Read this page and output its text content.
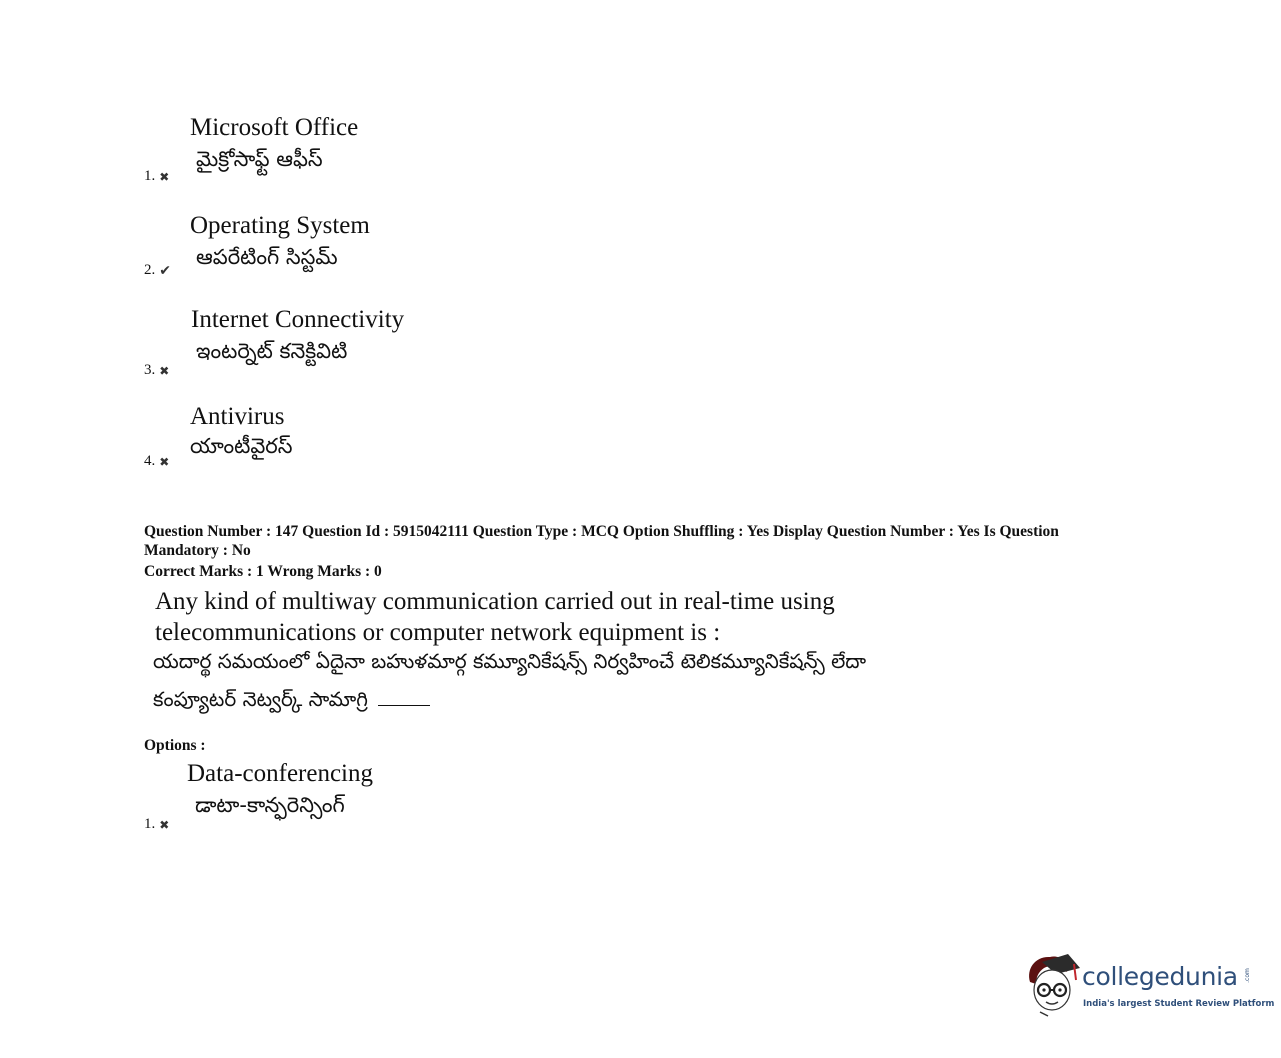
Microsoft Office
మైక్రోసాఫ్ట్ ఆఫీస్
1. ✖
Operating System
ఆపరేటింగ్ సిస్టమ్
2. ✔
Internet Connectivity
ఇంటర్నెట్ కనెక్టివిటి
3. ✖
Antivirus
యాంటీవైరస్
4. ✖
Question Number : 147 Question Id : 5915042111 Question Type : MCQ Option Shuffling : Yes Display Question Number : Yes Is Question Mandatory : No
Correct Marks : 1 Wrong Marks : 0
Any kind of multiway communication carried out in real-time using
telecommunications or computer network equipment is :
యదార్థ సమయంలో ఏదైనా బహుళమార్గ కమ్యూనికేషన్స్ నిర్వహించే టెలికమ్యూనికేషన్స్ లేదా
కంప్యూటర్ నెట్వర్క్ సామాగ్రి
Options :
Data-conferencing
డాటా-కాన్ఫరెన్సింగ్
1. ✖
collegedunia .com
India's largest Student Review Platform
